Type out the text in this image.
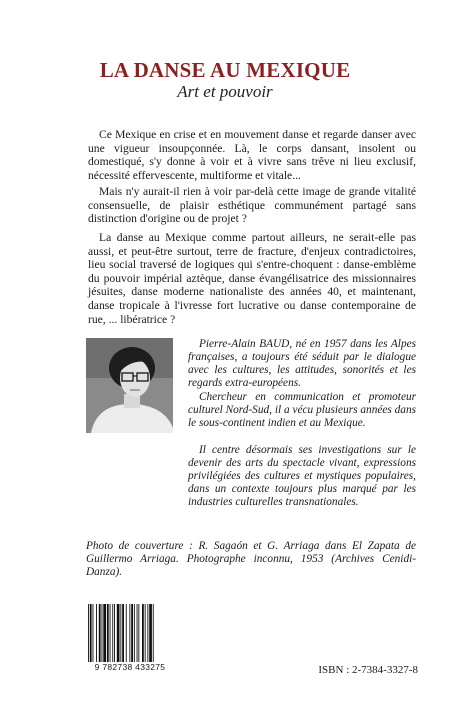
LA DANSE AU MEXIQUE
Art et pouvoir

Ce Mexique en crise et en mouvement danse et regarde danser avec une vigueur insoupçonnée. Là, le corps dansant, insolent ou domestiqué, s'y donne à voir et à vivre sans trêve ni lieu exclusif, nécessité effervescente, multiforme et vitale...

Mais n'y aurait-il rien à voir par-delà cette image de grande vitalité consensuelle, de plaisir esthétique communément partagé sans distinction d'origine ou de projet ?

La danse au Mexique comme partout ailleurs, ne serait-elle pas aussi, et peut-être surtout, terre de fracture, d'enjeux contradictoires, lieu social traversé de logiques qui s'entre-choquent : danse-emblème du pouvoir impérial aztèque, danse évangélisatrice des missionnaires jésuites, danse moderne nationaliste des années 40, et maintenant, danse tropicale à l'ivresse fort lucrative ou danse contemporaine de rue, ... libératrice ?

Pierre-Alain BAUD, né en 1957 dans les Alpes françaises, a toujours été séduit par le dialogue avec les cultures, les attitudes, sonorités et les regards extra-européens.

Chercheur en communication et promoteur culturel Nord-Sud, il a vécu plusieurs années dans le sous-continent indien et au Mexique.

Il centre désormais ses investigations sur le devenir des arts du spectacle vivant, expressions privilégiées des cultures et mystiques populaires, dans un contexte toujours plus marqué par les industries culturelles transnationales.

Photo de couverture : R. Sagaón et G. Arriaga dans El Zapata de Guillermo Arriaga. Photographe inconnu, 1953 (Archives Cenidi-Danza).
9 782738 433275	ISBN : 2-7384-3327-8
